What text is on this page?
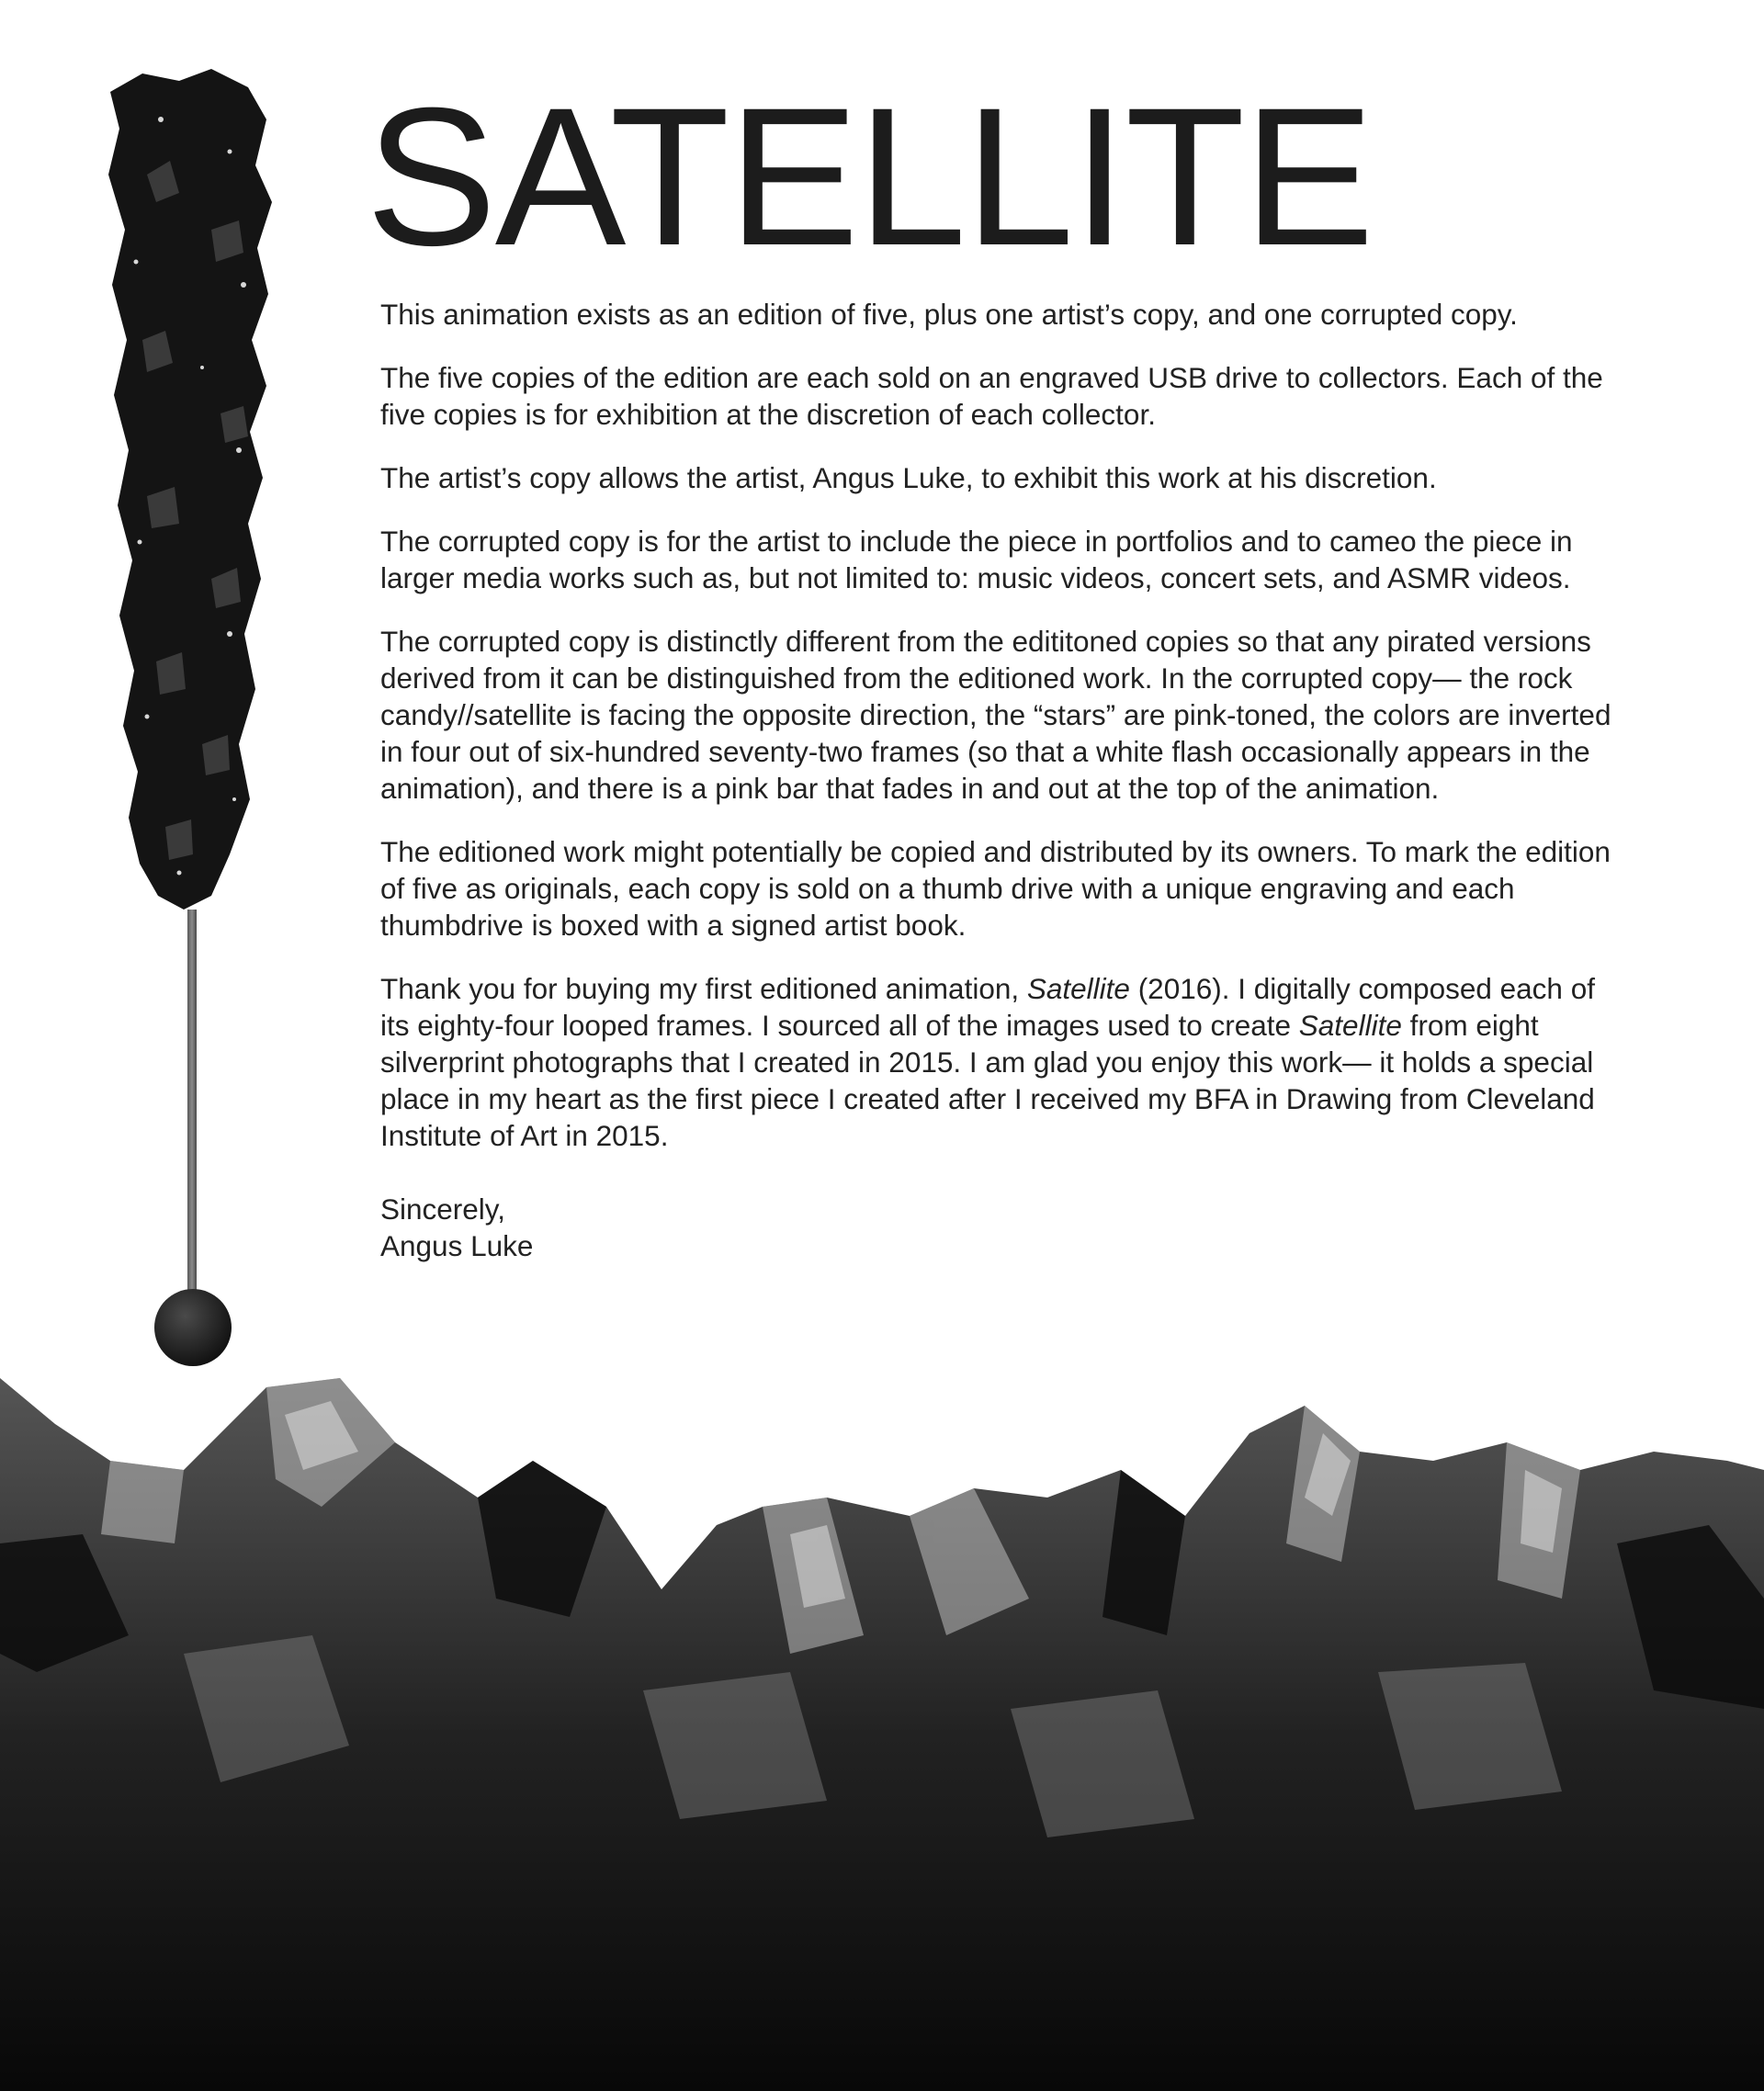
SATELLITE

This animation exists as an edition of five, plus one artist’s copy, and one corrupted copy.

The five copies of the edition are each sold on an engraved USB drive to collectors. Each of the five copies is for exhibition at the discretion of each collector.

The artist’s copy allows the artist, Angus Luke, to exhibit this work at his discretion.

The corrupted copy is for the artist to include the piece in portfolios and to cameo the piece in larger media works such as, but not limited to: music videos, concert sets, and ASMR videos.

The corrupted copy is distinctly different from the edititoned copies so that any pirated versions derived from it can be distinguished from the editioned work. In the corrupted copy— the rock candy//satellite is facing the opposite direction, the “stars” are pink-toned, the colors are inverted in four out of six-hundred seventy-two frames (so that a white flash occasionally appears in the animation), and there is a pink bar that fades in and out at the top of the animation.

The editioned work might potentially be copied and distributed by its owners. To mark the edition of five as originals, each copy is sold on a thumb drive with a unique engraving and each thumbdrive is boxed with a signed artist book.

Thank you for buying my first editioned animation, Satellite (2016). I digitally composed each of its eighty-four looped frames. I sourced all of the images used to create Satellite from eight silverprint photographs that I created in 2015. I am glad you enjoy this work— it holds a special place in my heart as the first piece I created after I received my BFA in Drawing from Cleveland Institute of Art in 2015.

Sincerely,
Angus Luke
